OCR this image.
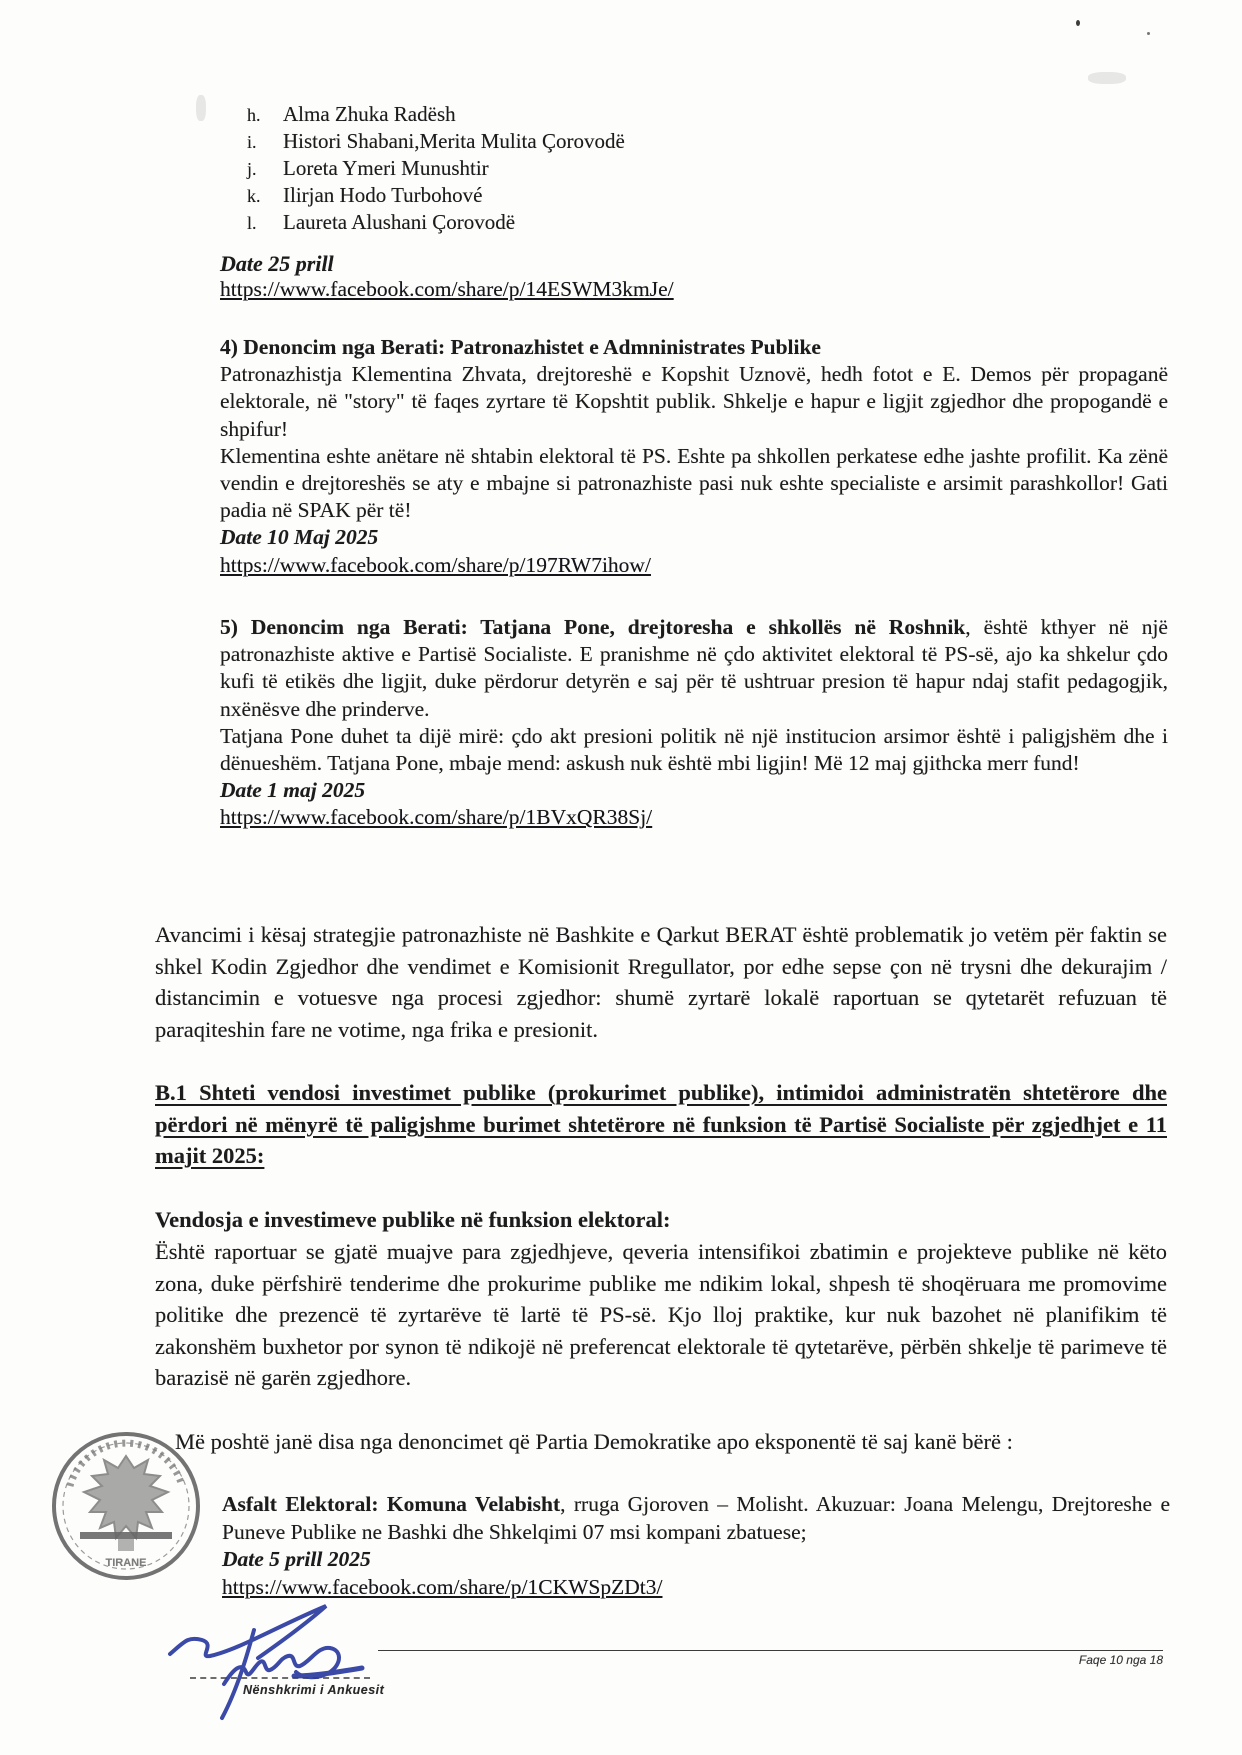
h. Alma Zhuka Radësh
i. Histori Shabani,Merita Mulita Çorovodë
j. Loreta Ymeri Munushtir
k. Ilirjan Hodo Turbohové
l. Laureta Alushani Çorovodë
Date 25 prill
https://www.facebook.com/share/p/14ESWM3kmJe/
4) Denoncim nga Berati: Patronazhistet e Admninistrates Publike
Patronazhistja Klementina Zhvata, drejtoreshë e Kopshit Uznovë, hedh fotot e E. Demos për propaganë elektorale, në "story" të faqes zyrtare të Kopshtit publik. Shkelje e hapur e ligjit zgjedhor dhe propogandë e shpifur!
Klementina eshte anëtare në shtabin elektoral të PS. Eshte pa shkollen perkatese edhe jashte profilit. Ka zënë vendin e drejtoreshës se aty e mbajne si patronazhiste pasi nuk eshte specialiste e arsimit parashkollor! Gati padia në SPAK për të!
Date 10 Maj 2025
https://www.facebook.com/share/p/197RW7ihow/
5) Denoncim nga Berati: Tatjana Pone, drejtoresha e shkollës në Roshnik, është kthyer në një patronazhiste aktive e Partisë Socialiste. E pranishme në çdo aktivitet elektoral të PS-së, ajo ka shkelur çdo kufi të etikës dhe ligjit, duke përdorur detyrën e saj për të ushtruar presion të hapur ndaj stafit pedagogjik, nxënësve dhe prinderve.
Tatjana Pone duhet ta dijë mirë: çdo akt presioni politik në një institucion arsimor është i paligjshëm dhe i dënueshëm. Tatjana Pone, mbaje mend: askush nuk është mbi ligjin! Më 12 maj gjithcka merr fund!
Date 1 maj 2025
https://www.facebook.com/share/p/1BVxQR38Sj/
Avancimi i kësaj strategjie patronazhiste në Bashkite e Qarkut BERAT është problematik jo vetëm për faktin se shkel Kodin Zgjedhor dhe vendimet e Komisionit Rregullator, por edhe sepse çon në trysni dhe dekurajim / distancimin e votuesve nga procesi zgjedhor: shumë zyrtarë lokalë raportuan se qytetarët refuzuan të paraqiteshin fare ne votime, nga frika e presionit.
B.1 Shteti vendosi investimet publike (prokurimet publike), intimidoi administratën shtetërore dhe përdori në mënyrë të paligjshme burimet shtetërore në funksion të Partisë Socialiste për zgjedhjet e 11 majit 2025:
Vendosja e investimeve publike në funksion elektoral:
Është raportuar se gjatë muajve para zgjedhjeve, qeveria intensifikoi zbatimin e projekteve publike në këto zona, duke përfshirë tenderime dhe prokurime publike me ndikim lokal, shpesh të shoqëruara me promovime politike dhe prezencë të zyrtarëve të lartë të PS-së. Kjo lloj praktike, kur nuk bazohet në planifikim të zakonshëm buxhetor por synon të ndikojë në preferencat elektorale të qytetarëve, përbën shkelje të parimeve të barazisë në garën zgjedhore.
Më poshtë janë disa nga denoncimet që Partia Demokratike apo eksponentë të saj kanë bërë :
Asfalt Elektoral: Komuna Velabisht, rruga Gjoroven – Molisht. Akuzuar: Joana Melengu, Drejtoreshe e Puneve Publike ne Bashki dhe Shkelqimi 07 msi kompani zbatuese;
Date 5 prill 2025
https://www.facebook.com/share/p/1CKWSpZDt3/
TIRANE
Faqe 10 nga 18
Nënshkrimi i Ankuesit
